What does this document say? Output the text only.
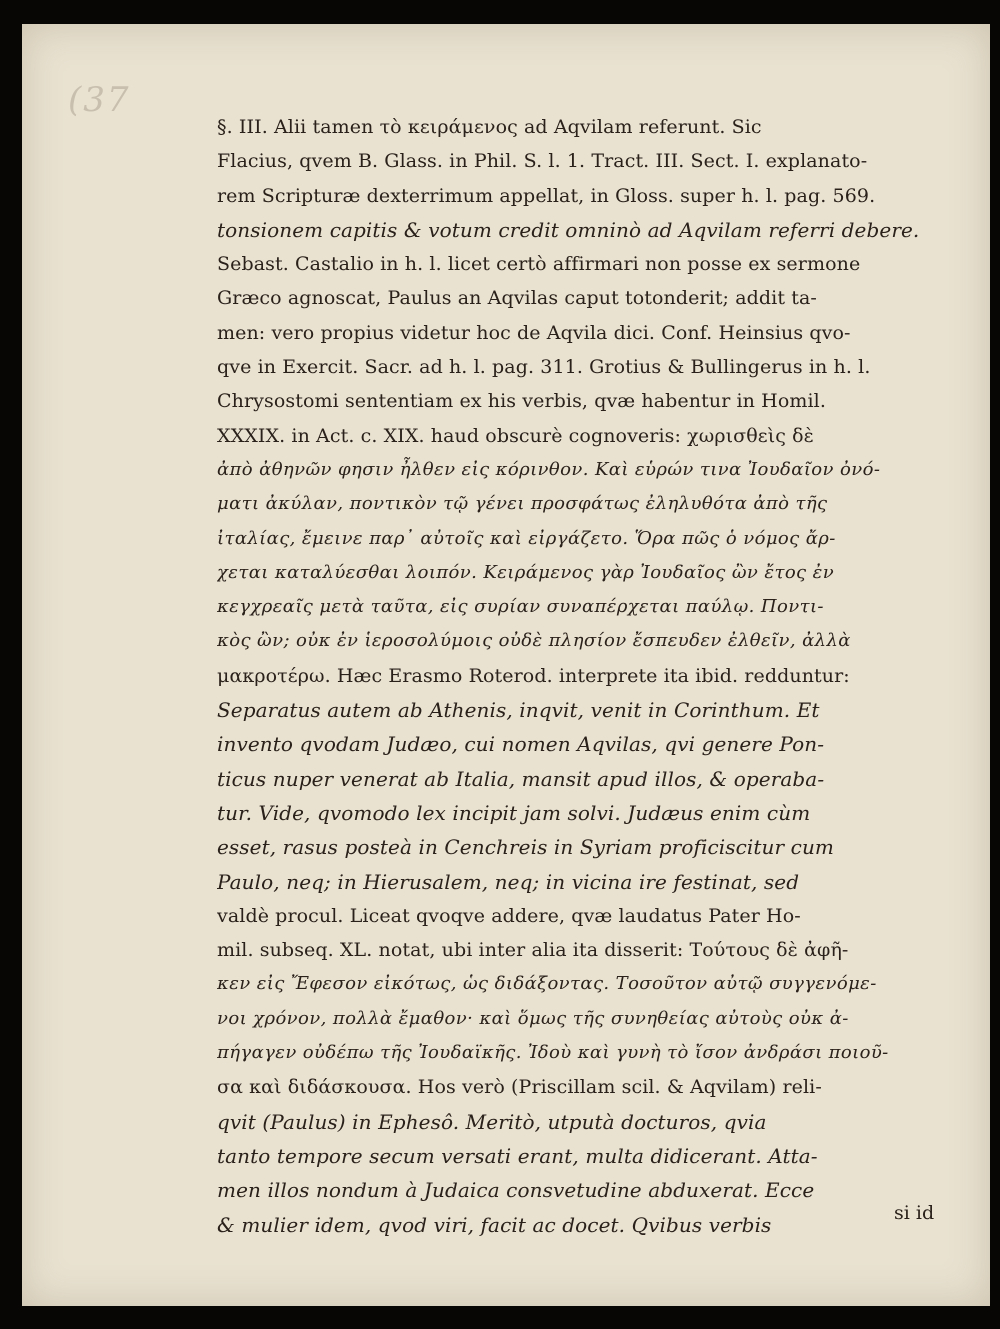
(37
§. III. Alii tamen τὸ κειράμενος ad Aqvilam referunt. Sic
Flacius, qvem B. Glass. in Phil. S. l. 1. Tract. III. Sect. I. explanato-
rem Scripturæ dexterrimum appellat, in Gloss. super h. l. pag. 569.
tonsionem capitis & votum credit omninò ad Aqvilam referri debere.
Sebast. Castalio in h. l. licet certò affirmari non posse ex sermone
Græco agnoscat, Paulus an Aqvilas caput totonderit; addit ta-
men: vero propius videtur hoc de Aqvila dici. Conf. Heinsius qvo-
qve in Exercit. Sacr. ad h. l. pag. 311. Grotius & Bullingerus in h. l.
Chrysostomi sententiam ex his verbis, qvæ habentur in Homil.
XXXIX. in Act. c. XIX. haud obscurè cognoveris: χωρισθεὶς δὲ
ἀπὸ ἀθηνῶν φησιν ἦλθεν εἰς κόρινθον. Καὶ εὑρών τινα Ἰουδαῖον ὀνό-
ματι ἀκύλαν, ποντικὸν τῷ γένει προσφάτως ἐληλυθότα ἀπὸ τῆς
ἰταλίας, ἔμεινε παρ᾽ αὐτοῖς καὶ εἰργάζετο. Ὅρα πῶς ὁ νόμος ἄρ-
χεται καταλύεσθαι λοιπόν. Κειράμενος γὰρ Ἰουδαῖος ὢν ἔτος ἐν
κεγχρεαῖς μετὰ ταῦτα, εἰς συρίαν συναπέρχεται παύλῳ. Ποντι-
κὸς ὢν; οὐκ ἐν ἱεροσολύμοις οὐδὲ πλησίον ἔσπευδεν ἐλθεῖν, ἀλλὰ
μακροτέρω. Hæc Erasmo Roterod. interprete ita ibid. redduntur:
Separatus autem ab Athenis, inqvit, venit in Corinthum. Et
invento qvodam Judæo, cui nomen Aqvilas, qvi genere Pon-
ticus nuper venerat ab Italia, mansit apud illos, & operaba-
tur. Vide, qvomodo lex incipit jam solvi. Judæus enim cùm
esset, rasus posteà in Cenchreis in Syriam proficiscitur cum
Paulo, neq; in Hierusalem, neq; in vicina ire festinat, sed
valdè procul. Liceat qvoqve addere, qvæ laudatus Pater Ho-
mil. subseq. XL. notat, ubi inter alia ita disserit: Τούτους δὲ ἀφῆ-
κεν εἰς Ἔφεσον εἰκότως, ὡς διδάξοντας. Τοσοῦτον αὐτῷ συγγενόμε-
νοι χρόνον, πολλὰ ἔμαθον· καὶ ὅμως τῆς συνηθείας αὐτοὺς οὐκ ἀ-
πήγαγεν οὐδέπω τῆς Ἰουδαϊκῆς. Ἰδοὺ καὶ γυνὴ τὸ ἴσον ἀνδράσι ποιοῦ-
σα καὶ διδάσκουσα. Hos verò (Priscillam scil. & Aqvilam) reli-
qvit (Paulus) in Ephesô. Meritò, utputà docturos, qvia
tanto tempore secum versati erant, multa didicerant. Atta-
men illos nondum à Judaica consvetudine abduxerat. Ecce
& mulier idem, qvod viri, facit ac docet. Qvibus verbis	si id
